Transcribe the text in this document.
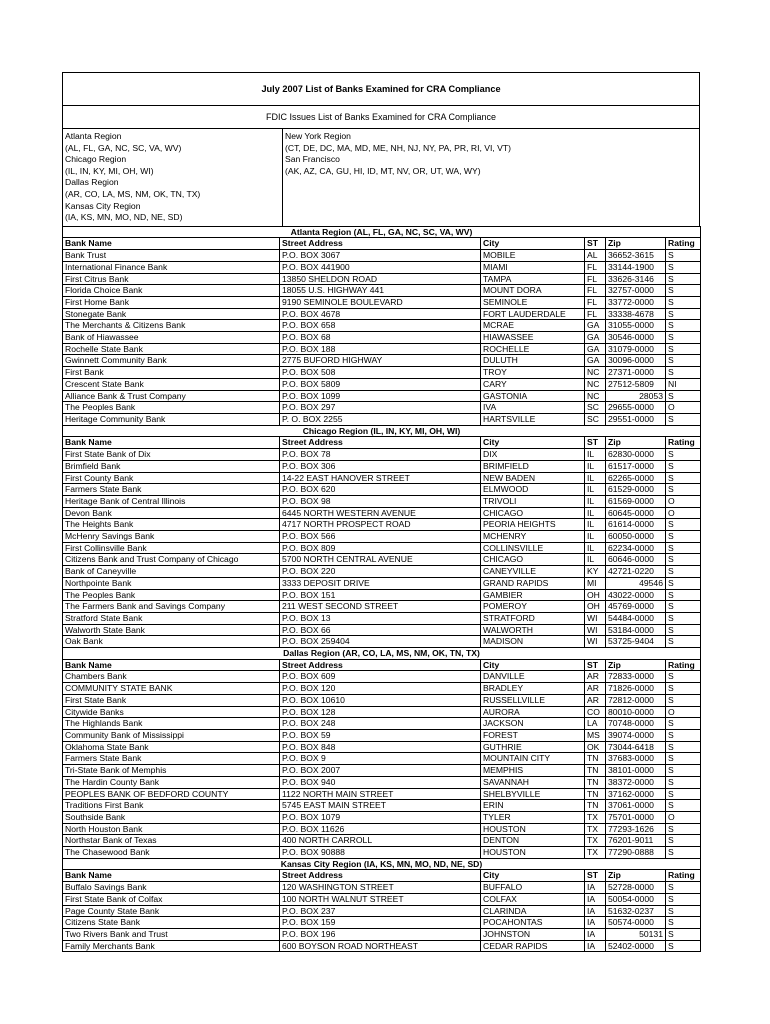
July 2007 List of Banks Examined for CRA Compliance
FDIC Issues List of Banks Examined for CRA Compliance
Atlanta Region
(AL, FL, GA, NC, SC, VA, WV)
Chicago Region
(IL, IN, KY, MI, OH, WI)
Dallas Region
(AR, CO, LA, MS, NM, OK, TN, TX)
Kansas City Region
(IA, KS, MN, MO, ND, NE, SD)
New York Region
(CT, DE, DC, MA, MD, ME, NH, NJ, NY, PA, PR, RI, VI, VT)
San Francisco
(AK, AZ, CA, GU, HI, ID, MT, NV, OR, UT, WA, WY)
Atlanta Region (AL, FL, GA, NC, SC, VA, WV)					
Bank Name	Street Address	City	ST	Zip	Rating
Bank Trust	P.O. BOX 3067	MOBILE	AL	36652-3615	S
International Finance Bank	P.O. BOX 441900	MIAMI	FL	33144-1900	S
First Citrus Bank	13850 SHELDON ROAD	TAMPA	FL	33626-3146	S
Florida Choice Bank	18055 U.S. HIGHWAY 441	MOUNT DORA	FL	32757-0000	S
First Home Bank	9190 SEMINOLE BOULEVARD	SEMINOLE	FL	33772-0000	S
Stonegate Bank	P.O. BOX 4678	FORT LAUDERDALE	FL	33338-4678	S
The Merchants & Citizens Bank	P.O. BOX 658	MCRAE	GA	31055-0000	S
Bank of Hiawassee	P.O. BOX 68	HIAWASSEE	GA	30546-0000	S
Rochelle State Bank	P.O. BOX 188	ROCHELLE	GA	31079-0000	S
Gwinnett Community Bank	2775 BUFORD HIGHWAY	DULUTH	GA	30096-0000	S
First Bank	P.O. BOX 508	TROY	NC	27371-0000	S
Crescent State Bank	P.O. BOX 5809	CARY	NC	27512-5809	NI
Alliance Bank & Trust Company	P.O. BOX 1099	GASTONIA	NC	28053	S
The Peoples Bank	P.O. BOX 297	IVA	SC	29655-0000	O
Heritage Community Bank	P. O. BOX 2255	HARTSVILLE	SC	29551-0000	S
Chicago Region (IL, IN, KY, MI, OH, WI)					
Bank Name	Street Address	City	ST	Zip	Rating
First State Bank of Dix	P.O. BOX 78	DIX	IL	62830-0000	S
Brimfield Bank	P.O. BOX 306	BRIMFIELD	IL	61517-0000	S
First County Bank	14-22 EAST HANOVER STREET	NEW BADEN	IL	62265-0000	S
Farmers State Bank	P.O. BOX 620	ELMWOOD	IL	61529-0000	S
Heritage Bank of Central Illinois	P.O. BOX 98	TRIVOLI	IL	61569-0000	O
Devon Bank	6445 NORTH WESTERN AVENUE	CHICAGO	IL	60645-0000	O
The Heights Bank	4717 NORTH PROSPECT ROAD	PEORIA HEIGHTS	IL	61614-0000	S
McHenry Savings Bank	P.O. BOX 566	MCHENRY	IL	60050-0000	S
First Collinsville Bank	P.O. BOX 809	COLLINSVILLE	IL	62234-0000	S
Citizens Bank and Trust Company of Chicago	5700 NORTH CENTRAL AVENUE	CHICAGO	IL	60646-0000	S
Bank of Caneyville	P.O. BOX 220	CANEYVILLE	KY	42721-0220	S
Northpointe Bank	3333 DEPOSIT DRIVE	GRAND RAPIDS	MI	49546	S
The Peoples Bank	P.O. BOX 151	GAMBIER	OH	43022-0000	S
The Farmers Bank and Savings Company	211 WEST SECOND STREET	POMEROY	OH	45769-0000	S
Stratford State Bank	P.O. BOX 13	STRATFORD	WI	54484-0000	S
Walworth State Bank	P.O. BOX 66	WALWORTH	WI	53184-0000	S
Oak Bank	P.O. BOX 259404	MADISON	WI	53725-9404	S
Dallas Region (AR, CO, LA, MS, NM, OK, TN, TX)					
Bank Name	Street Address	City	ST	Zip	Rating
Chambers Bank	P.O. BOX 609	DANVILLE	AR	72833-0000	S
COMMUNITY STATE BANK	P.O. BOX 120	BRADLEY	AR	71826-0000	S
First State Bank	P.O. BOX 10610	RUSSELLVILLE	AR	72812-0000	S
Citywide Banks	P.O. BOX 128	AURORA	CO	80010-0000	O
The Highlands Bank	P.O. BOX 248	JACKSON	LA	70748-0000	S
Community Bank of Mississippi	P.O. BOX 59	FOREST	MS	39074-0000	S
Oklahoma State Bank	P.O. BOX 848	GUTHRIE	OK	73044-6418	S
Farmers State Bank	P.O. BOX 9	MOUNTAIN CITY	TN	37683-0000	S
Tri-State Bank of Memphis	P.O. BOX 2007	MEMPHIS	TN	38101-0000	S
The Hardin County Bank	P.O. BOX 940	SAVANNAH	TN	38372-0000	S
PEOPLES BANK OF BEDFORD COUNTY	1122 NORTH MAIN STREET	SHELBYVILLE	TN	37162-0000	S
Traditions First Bank	5745 EAST MAIN STREET	ERIN	TN	37061-0000	S
Southside Bank	P.O. BOX 1079	TYLER	TX	75701-0000	O
North Houston Bank	P.O. BOX 11626	HOUSTON	TX	77293-1626	S
Northstar Bank of Texas	400 NORTH CARROLL	DENTON	TX	76201-9011	S
The Chasewood Bank	P.O. BOX 90888	HOUSTON	TX	77290-0888	S
Kansas City Region (IA, KS, MN, MO, ND, NE, SD)					
Bank Name	Street Address	City	ST	Zip	Rating
Buffalo Savings Bank	120 WASHINGTON STREET	BUFFALO	IA	52728-0000	S
First State Bank of Colfax	100 NORTH WALNUT STREET	COLFAX	IA	50054-0000	S
Page County State Bank	P.O. BOX 237	CLARINDA	IA	51632-0237	S
Citizens State Bank	P.O. BOX 159	POCAHONTAS	IA	50574-0000	S
Two Rivers Bank and Trust	P.O. BOX 196	JOHNSTON	IA	50131	S
Family Merchants Bank	600 BOYSON ROAD NORTHEAST	CEDAR RAPIDS	IA	52402-0000	S
